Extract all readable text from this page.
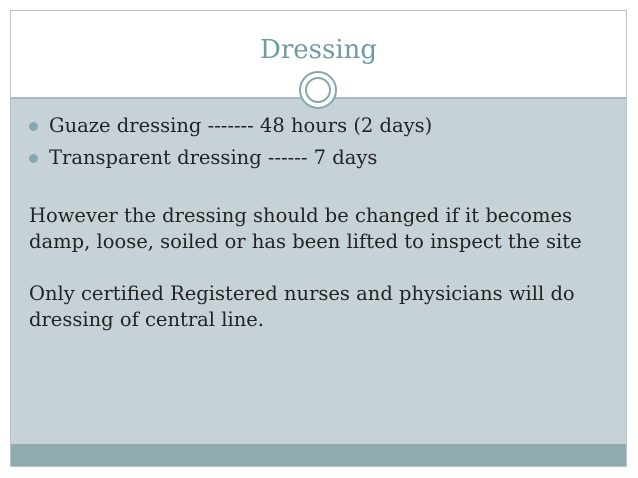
Dressing
Guaze dressing ------- 48 hours (2 days)
Transparent dressing ------ 7 days

However the dressing should be changed if it becomes damp, loose, soiled or has been lifted to inspect the site

Only certified Registered nurses and physicians will do dressing of central line.
